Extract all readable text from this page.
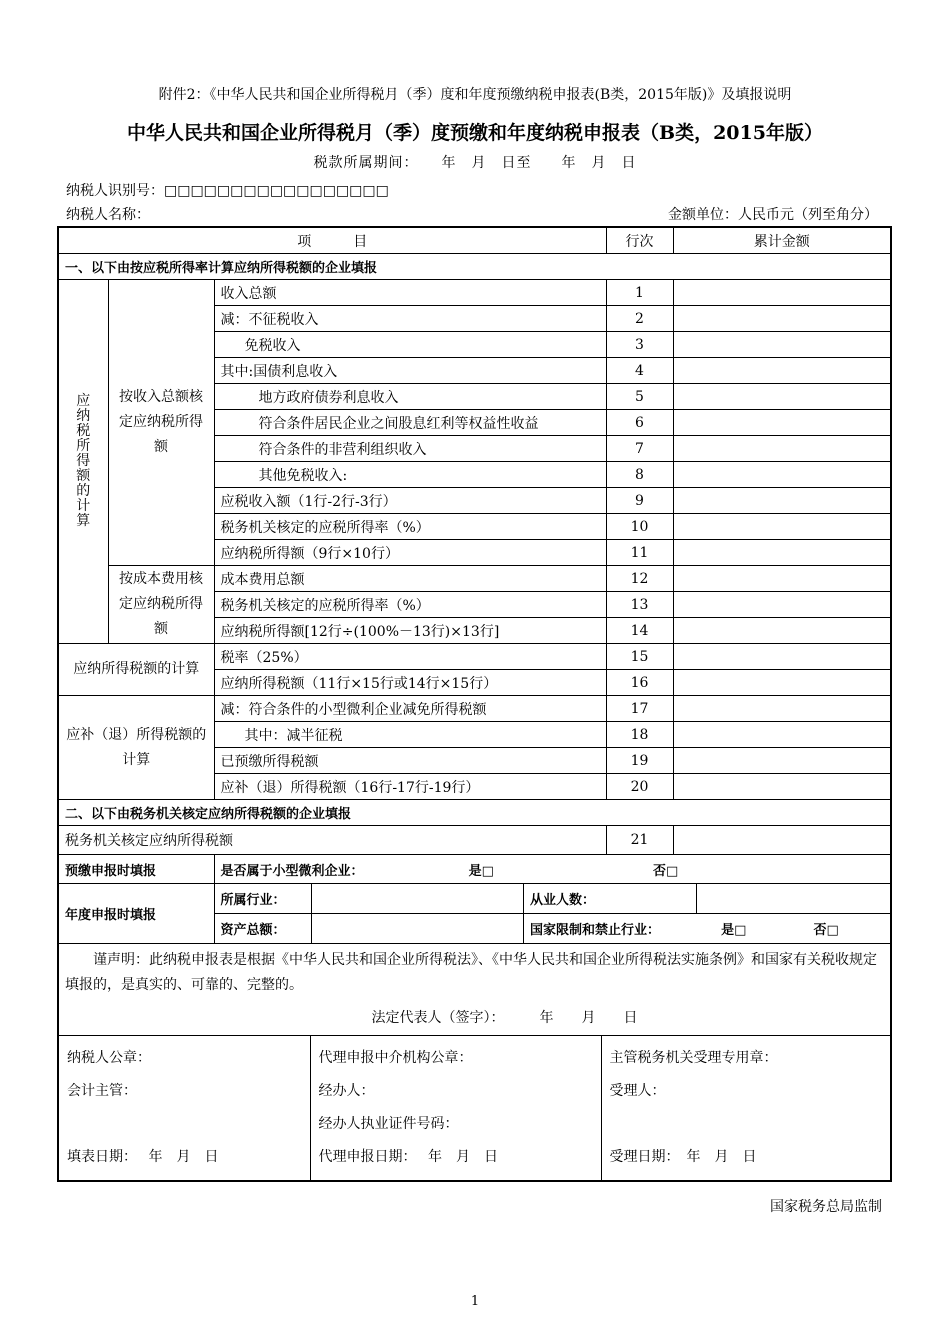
附件2：《中华人民共和国企业所得税月（季）度和年度预缴纳税申报表(B类，2015年版)》及填报说明
中华人民共和国企业所得税月（季）度预缴和年度纳税申报表（B类，2015年版）
税款所属期间：　　年　月　日至　　年　月　日
纳税人识别号：□□□□□□□□□□□□□□□□□
纳税人名称：	金额单位：人民币元（列至角分）
项　　　目	行次	累计金额
一、以下由按应税所得率计算应纳所得税额的企业填报

应纳税所得额的计算
	按收入总额核定应纳税所得额	收入总额	1	
减：不征税收入	2	
免税收入	3	
其中:国债利息收入	4	
地方政府债券利息收入	5	
符合条件居民企业之间股息红利等权益性收益	6	
符合条件的非营利组织收入	7	
其他免税收入:	8	
应税收入额（1行-2行-3行）	9	
税务机关核定的应税所得率（%）	10	
应纳税所得额（9行×10行）	11	
按成本费用核定应纳税所得额	成本费用总额	12	
税务机关核定的应税所得率（%）	13	
应纳税所得额[12行÷(100%－13行)×13行]	14	
应纳所得税额的计算	税率（25%）	15	
应纳所得税额（11行×15行或14行×15行）	16	
应补（退）所得税额的计算	减：符合条件的小型微利企业减免所得税额	17	
其中：减半征税	18	
已预缴所得税额	19	
应补（退）所得税额（16行-17行-19行）	20	
二、以下由税务机关核定应纳所得税额的企业填报
税务机关核定应纳所得税额	21	
预缴申报时填报	是否属于小型微利企业：	是□	否□
年度申报时填报	
所属行业：		从业人数：	

资产总额：		国家限制和禁止行业：	是□	否□

谨声明：此纳税申报表是根据《中华人民共和国企业所得税法》、《中华人民共和国企业所得税法实施条例》和国家有关税收规定填报的，是真实的、可靠的、完整的。
法定代表人（签字）：　　　年　　月　　日

纳税人公章：
会计主管：
填表日期：　 年　月　日

代理申报中介机构公章：
经办人：
经办人执业证件号码：
代理申报日期：　 年　月　日

主管税务机关受理专用章：
受理人：
受理日期：　年　月　日
国家税务总局监制
1
